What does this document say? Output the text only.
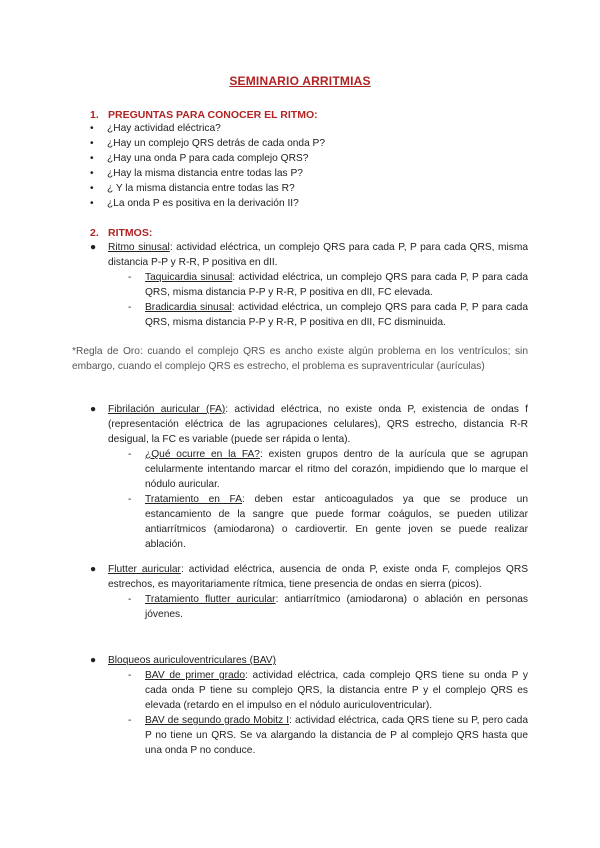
SEMINARIO ARRITMIAS
1. PREGUNTAS PARA CONOCER EL RITMO:
• ¿Hay actividad eléctrica?
• ¿Hay un complejo QRS detrás de cada onda P?
• ¿Hay una onda P para cada complejo QRS?
• ¿Hay la misma distancia entre todas las P?
• ¿ Y la misma distancia entre todas las R?
• ¿La onda P es positiva en la derivación II?
2. RITMOS:
● Ritmo sinusal: actividad eléctrica, un complejo QRS para cada P, P para cada QRS, misma distancia P-P y R-R, P positiva en dII.
- Taquicardia sinusal: actividad eléctrica, un complejo QRS para cada P, P para cada QRS, misma distancia P-P y R-R, P positiva en dII, FC elevada.
- Bradicardia sinusal: actividad eléctrica, un complejo QRS para cada P, P para cada QRS, misma distancia P-P y R-R, P positiva en dII, FC disminuida.
*Regla de Oro: cuando el complejo QRS es ancho existe algún problema en los ventrículos; sin embargo, cuando el complejo QRS es estrecho, el problema es supraventricular (aurículas)
● Fibrilación auricular (FA): actividad eléctrica, no existe onda P, existencia de ondas f (representación eléctrica de las agrupaciones celulares), QRS estrecho, distancia R-R desigual, la FC es variable (puede ser rápida o lenta).
- ¿Qué ocurre en la FA?: existen grupos dentro de la aurícula que se agrupan celularmente intentando marcar el ritmo del corazón, impidiendo que lo marque el nódulo auricular.
- Tratamiento en FA: deben estar anticoagulados ya que se produce un estancamiento de la sangre que puede formar coágulos, se pueden utilizar antiarrítmicos (amiodarona) o cardiovertir. En gente joven se puede realizar ablación.
● Flutter auricular: actividad eléctrica, ausencia de onda P, existe onda F, complejos QRS estrechos, es mayoritariamente rítmica, tiene presencia de ondas en sierra (picos).
- Tratamiento flutter auricular: antiarrítmico (amiodarona) o ablación en personas jóvenes.
● Bloqueos auriculoventriculares (BAV)
- BAV de primer grado: actividad eléctrica, cada complejo QRS tiene su onda P y cada onda P tiene su complejo QRS, la distancia entre P y el complejo QRS es elevada (retardo en el impulso en el nódulo auriculoventricular).
- BAV de segundo grado Mobitz I: actividad eléctrica, cada QRS tiene su P, pero cada P no tiene un QRS. Se va alargando la distancia de P al complejo QRS hasta que una onda P no conduce.
